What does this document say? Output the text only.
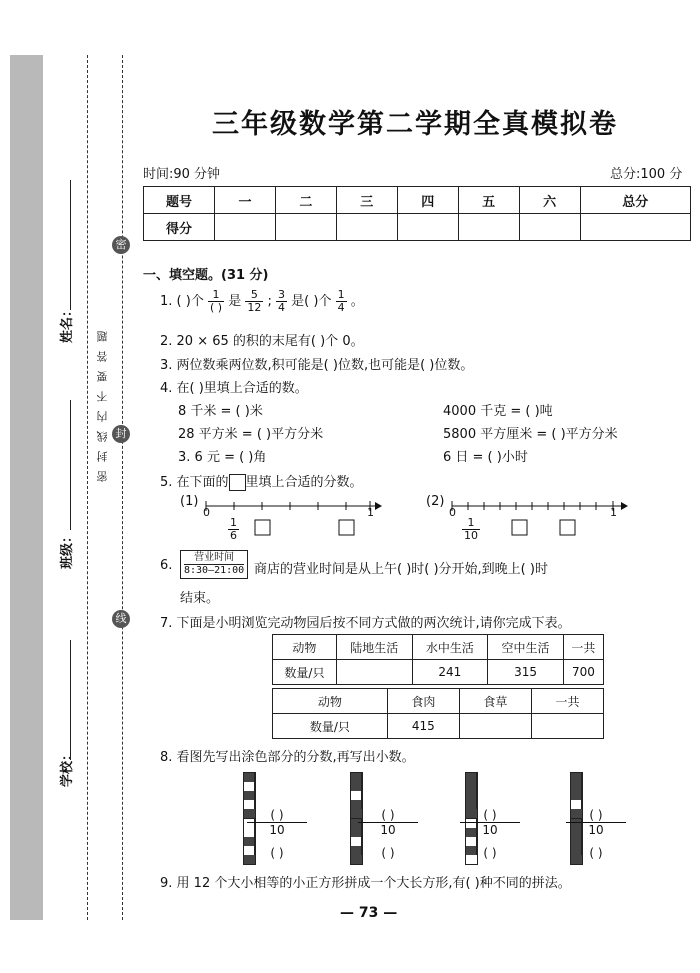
学校：
班级：
姓名：
密
封
线
密封线内不要答题
三年级数学第二学期全真模拟卷
时间:90 分钟	总分:100 分
题号	一	二	三	四	五	六	总分
得分							
一、填空题。(31 分)
1. ( )个 $\frac{1}{( )}$ 是 $\frac{5}{12}$ ; $\frac{3}{4}$ 是( )个 $\frac{1}{4}$ 。
2. 20 × 65 的积的末尾有( )个 0。
3. 两位数乘两位数,积可能是( )位数,也可能是( )位数。
4. 在( )里填上合适的数。
8 千米 = ( )米	4000 千克 = ( )吨
28 平方米 = ( )平方分米	5800 平方厘米 = ( )平方分米
3. 6 元 = ( )角	6 日 = ( )小时
5. 在下面的 里填上合适的分数。
(1)	(2)
0	1	0	1
$\frac{1}{6}$	$\frac{1}{10}$
6.
营业时间
8:30—21:00 商店的营业时间是从上午( )时( )分开始,到晚上( )时
结束。
7. 下面是小明浏览完动物园后按不同方式做的两次统计,请你完成下表。
动物	陆地生活	水中生活	空中生活	一共
数量/只		241	315	700
动物	食肉	食草	一共
数量/只	415		
8. 看图先写出涂色部分的分数,再写出小数。
( )
10
( )
10
( )
10
( )
10
( )	( )	( )	( )
9. 用 12 个大小相等的小正方形拼成一个大长方形,有( )种不同的拼法。
— 73 —
